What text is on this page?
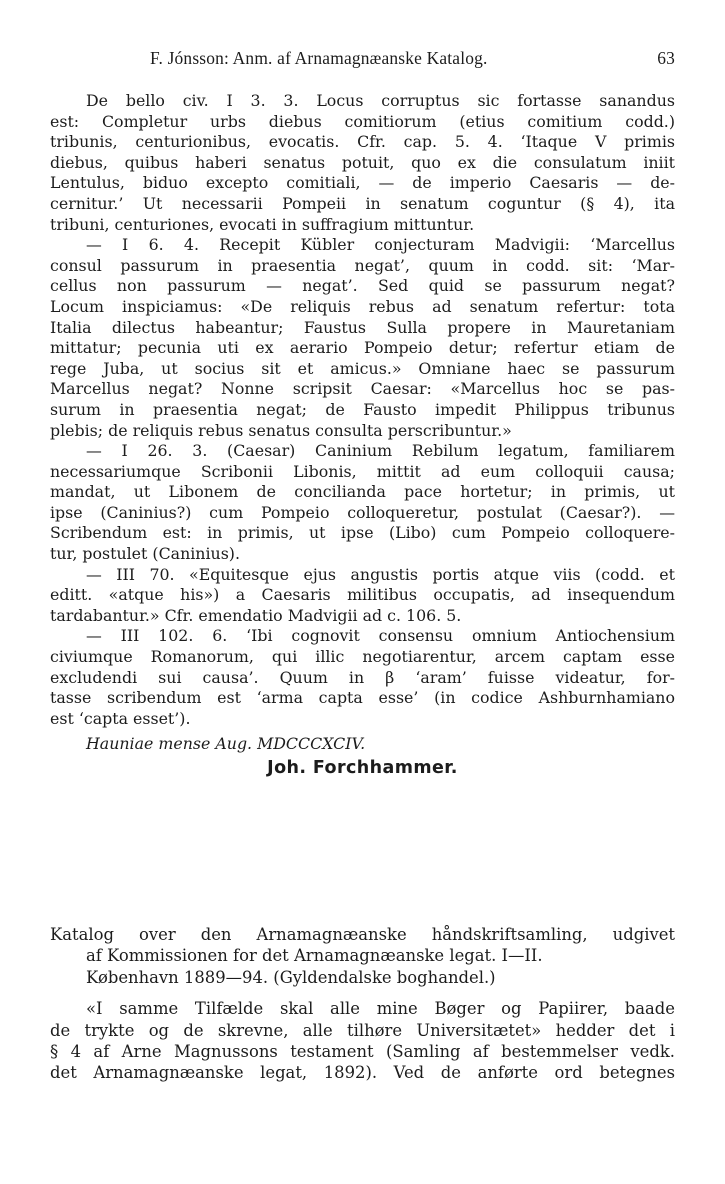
F. Jónsson: Anm. af Arnamagnæanske Katalog.	63
De bello civ. I 3. 3. Locus corruptus sic fortasse sanandus
est: Completur urbs diebus comitiorum (etius comitium codd.)
tribunis, centurionibus, evocatis. Cfr. cap. 5. 4. ‘Itaque V primis
diebus, quibus haberi senatus potuit, quo ex die consulatum iniit
Lentulus, biduo excepto comitiali, — de imperio Caesaris — de-
cernitur.’ Ut necessarii Pompeii in senatum coguntur (§ 4), ita
tribuni, centuriones, evocati in suffragium mittuntur.
— I 6. 4. Recepit Kübler conjecturam Madvigii: ‘Marcellus
consul passurum in praesentia negat’, quum in codd. sit: ‘Mar-
cellus non passurum — negat’. Sed quid se passurum negat?
Locum inspiciamus: «De reliquis rebus ad senatum refertur: tota
Italia dilectus habeantur; Faustus Sulla propere in Mauretaniam
mittatur; pecunia uti ex aerario Pompeio detur; refertur etiam de
rege Juba, ut socius sit et amicus.» Omniane haec se passurum
Marcellus negat? Nonne scripsit Caesar: «Marcellus hoc se pas-
surum in praesentia negat; de Fausto impedit Philippus tribunus
plebis; de reliquis rebus senatus consulta perscribuntur.»
— I 26. 3. (Caesar) Caninium Rebilum legatum, familiarem
necessariumque Scribonii Libonis, mittit ad eum colloquii causa;
mandat, ut Libonem de concilianda pace hortetur; in primis, ut
ipse (Caninius?) cum Pompeio colloqueretur, postulat (Caesar?). —
Scribendum est: in primis, ut ipse (Libo) cum Pompeio colloquere-
tur, postulet (Caninius).
— III 70. «Equitesque ejus angustis portis atque viis (codd. et
editt. «atque his») a Caesaris militibus occupatis, ad insequendum
tardabantur.» Cfr. emendatio Madvigii ad c. 106. 5.
— III 102. 6. ‘Ibi cognovit consensu omnium Antiochensium
civiumque Romanorum, qui illic negotiarentur, arcem captam esse
excludendi sui causa’. Quum in β ‘aram’ fuisse videatur, for-
tasse scribendum est ‘arma capta esse’ (in codice Ashburnhamiano
est ‘capta esset’).
Hauniae mense Aug. MDCCCXCIV.
Joh. Forchhammer.
Katalog over den Arnamagnæanske håndskriftsamling, udgivet
af Kommissionen for det Arnamagnæanske legat. I—II.
København 1889—94. (Gyldendalske boghandel.)
«I samme Tilfælde skal alle mine Bøger og Papiirer, baade
de trykte og de skrevne, alle tilhøre Universitætet» hedder det i
§ 4 af Arne Magnussons testament (Samling af bestemmelser vedk.
det Arnamagnæanske legat, 1892). Ved de anførte ord betegnes
